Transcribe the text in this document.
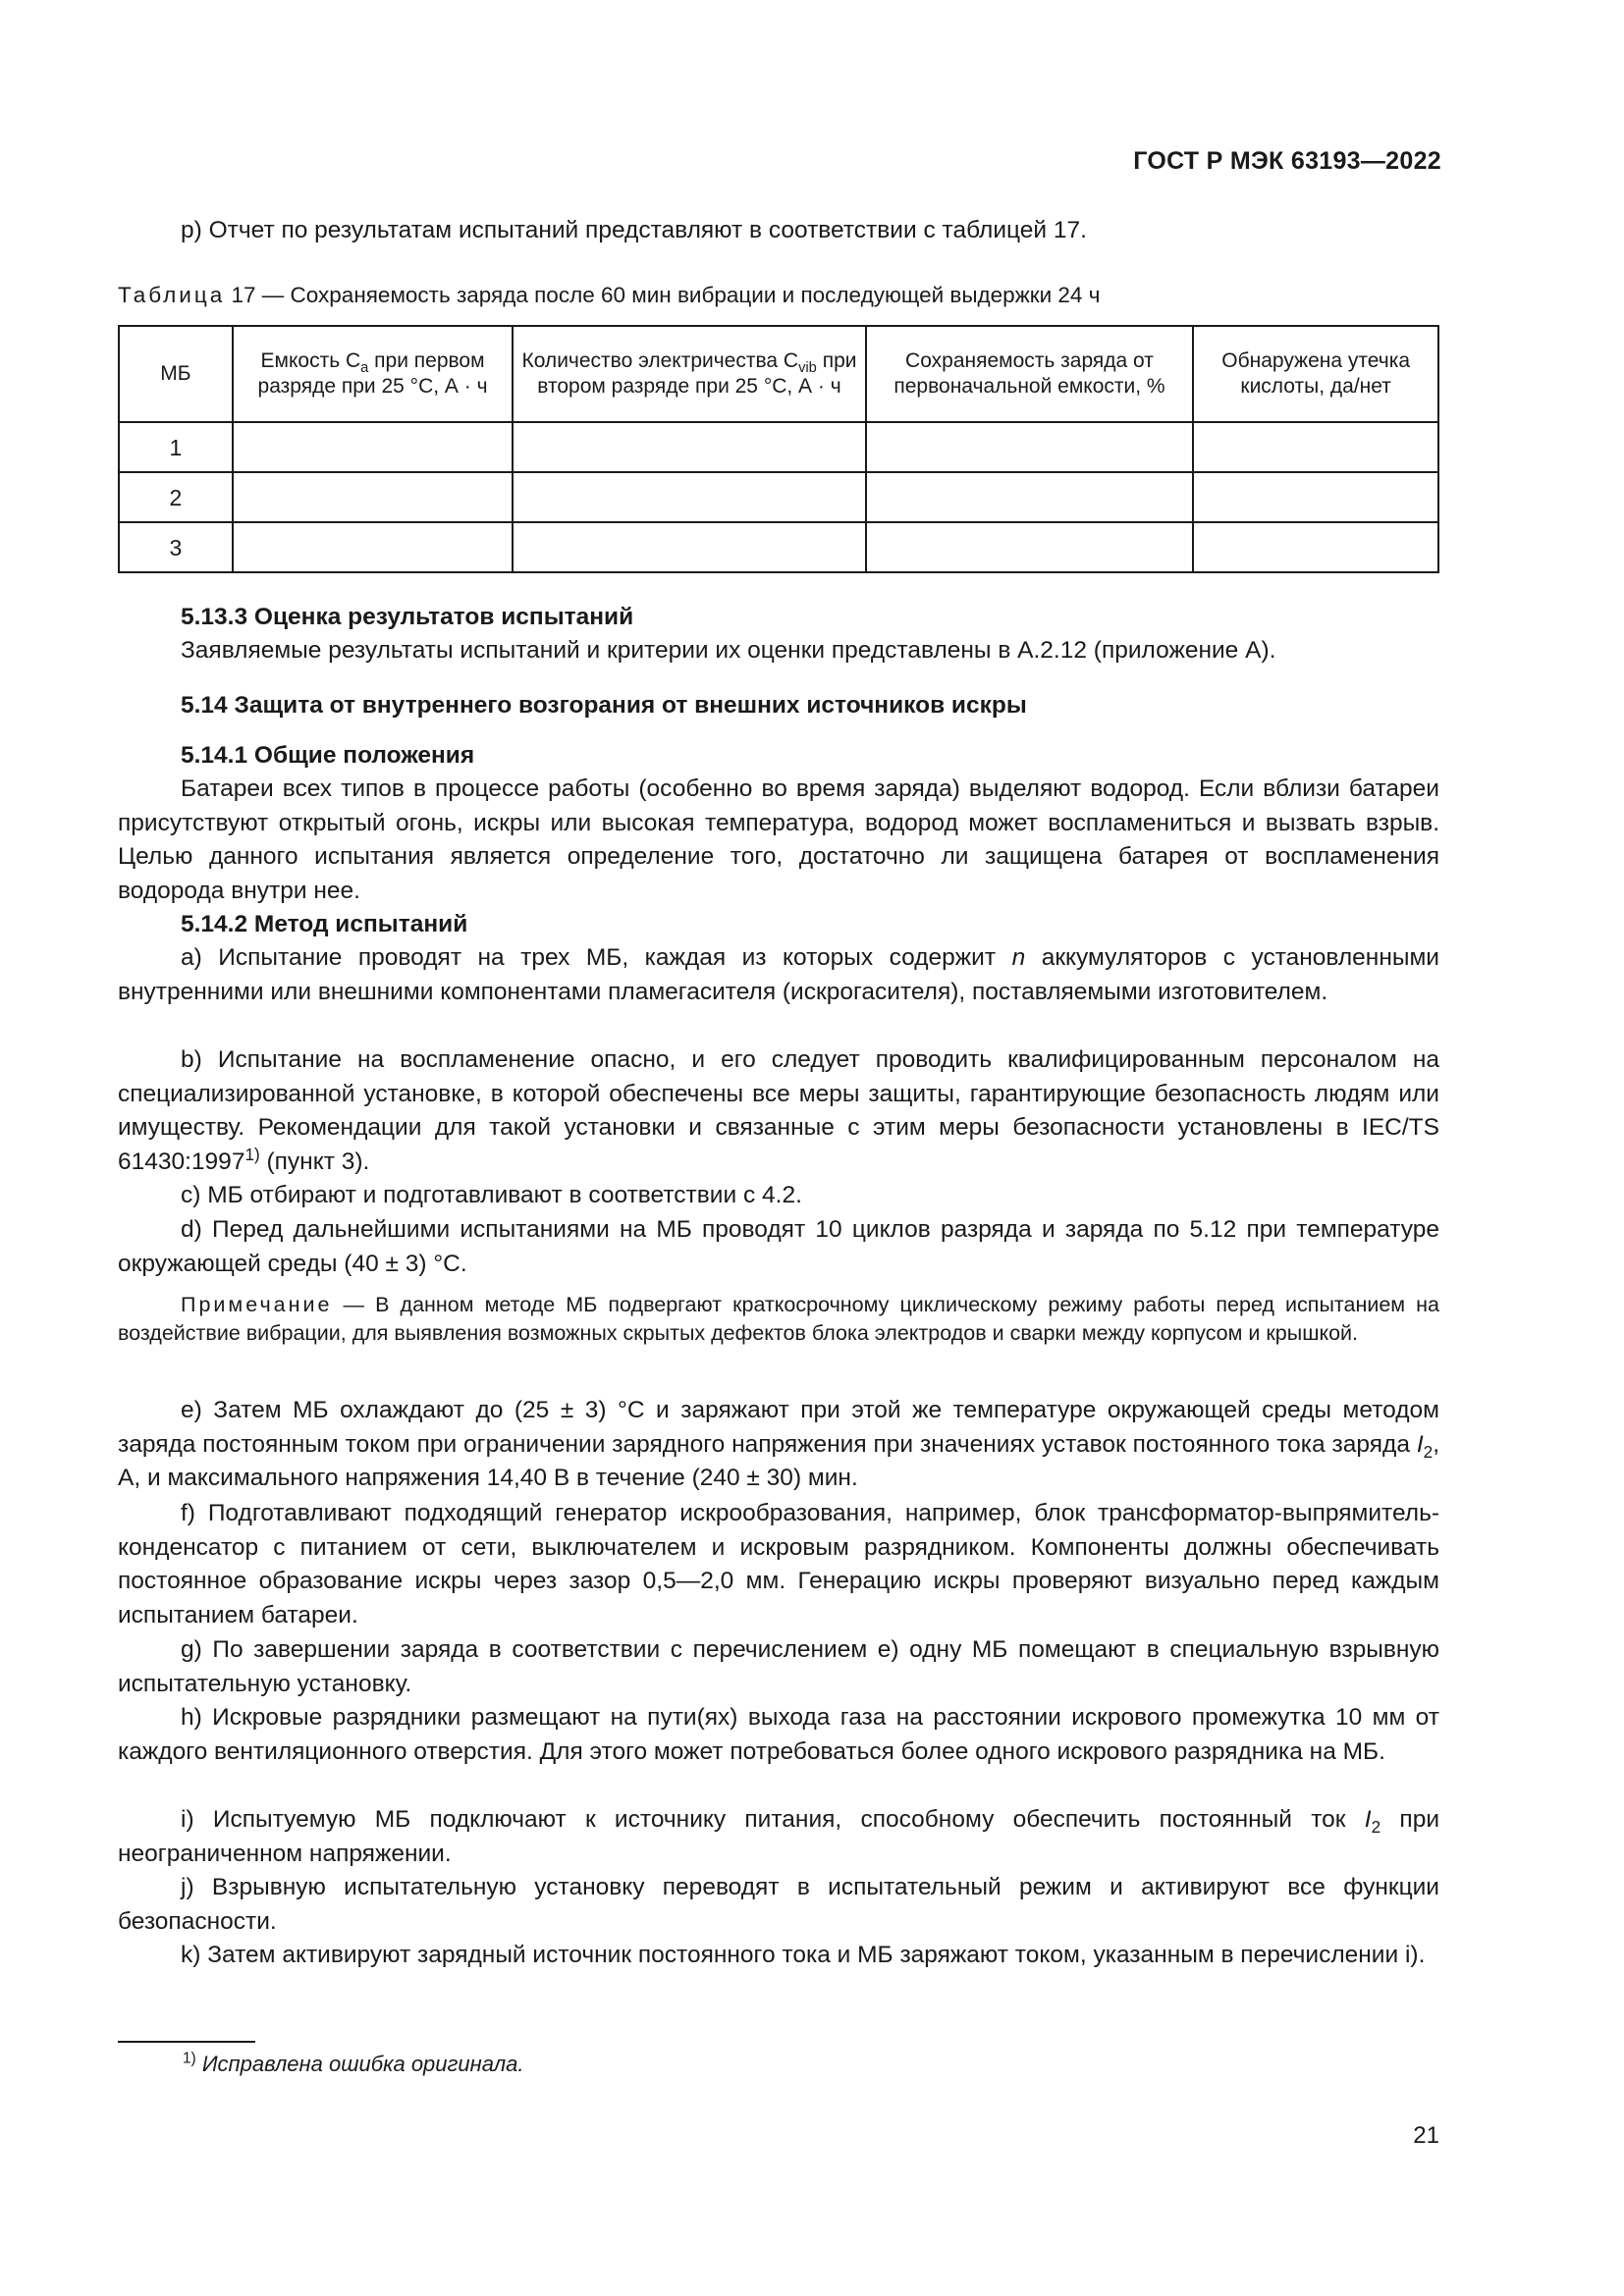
ГОСТ Р МЭК 63193—2022
p) Отчет по результатам испытаний представляют в соответствии с таблицей 17.
Таблица 17 — Сохраняемость заряда после 60 мин вибрации и последующей выдержки 24 ч
МБ	Емкость $C_a$ при первом разряде при 25 °С, А · ч	Количество электричества $C_{vib}$ при втором разряде при 25 °С, А · ч	Сохраняемость заряда от первоначальной емкости, %	Обнаружена утечка кислоты, да/нет
1				
2				
3				
5.13.3 Оценка результатов испытаний
Заявляемые результаты испытаний и критерии их оценки представлены в А.2.12 (приложение А).
5.14 Защита от внутреннего возгорания от внешних источников искры
5.14.1 Общие положения
Батареи всех типов в процессе работы (особенно во время заряда) выделяют водород. Если вблизи батареи присутствуют открытый огонь, искры или высокая температура, водород может воспламениться и вызвать взрыв. Целью данного испытания является определение того, достаточно ли защищена батарея от воспламенения водорода внутри нее.
5.14.2 Метод испытаний
a) Испытание проводят на трех МБ, каждая из которых содержит n аккумуляторов с установленными внутренними или внешними компонентами пламегасителя (искрогасителя), поставляемыми изготовителем.
b) Испытание на воспламенение опасно, и его следует проводить квалифицированным персоналом на специализированной установке, в которой обеспечены все меры защиты, гарантирующие безопасность людям или имуществу. Рекомендации для такой установки и связанные с этим меры безопасности установлены в IEC/TS 61430:1997$^{1)}$ (пункт 3).
c) МБ отбирают и подготавливают в соответствии с 4.2.
d) Перед дальнейшими испытаниями на МБ проводят 10 циклов разряда и заряда по 5.12 при температуре окружающей среды (40 ± 3) °С.
Примечание — В данном методе МБ подвергают краткосрочному циклическому режиму работы перед испытанием на воздействие вибрации, для выявления возможных скрытых дефектов блока электродов и сварки между корпусом и крышкой.
e) Затем МБ охлаждают до (25 ± 3) °С и заряжают при этой же температуре окружающей среды методом заряда постоянным током при ограничении зарядного напряжения при значениях уставок постоянного тока заряда $I_2$, А, и максимального напряжения 14,40 В в течение (240 ± 30) мин.
f) Подготавливают подходящий генератор искрообразования, например, блок трансформатор-выпрямитель-конденсатор с питанием от сети, выключателем и искровым разрядником. Компоненты должны обеспечивать постоянное образование искры через зазор 0,5—2,0 мм. Генерацию искры проверяют визуально перед каждым испытанием батареи.
g) По завершении заряда в соответствии с перечислением е) одну МБ помещают в специальную взрывную испытательную установку.
h) Искровые разрядники размещают на пути(ях) выхода газа на расстоянии искрового промежутка 10 мм от каждого вентиляционного отверстия. Для этого может потребоваться более одного искрового разрядника на МБ.
i) Испытуемую МБ подключают к источнику питания, способному обеспечить постоянный ток $I_2$ при неограниченном напряжении.
j) Взрывную испытательную установку переводят в испытательный режим и активируют все функции безопасности.
k) Затем активируют зарядный источник постоянного тока и МБ заряжают током, указанным в перечислении i).
$^{1)}$ Исправлена ошибка оригинала.
21
